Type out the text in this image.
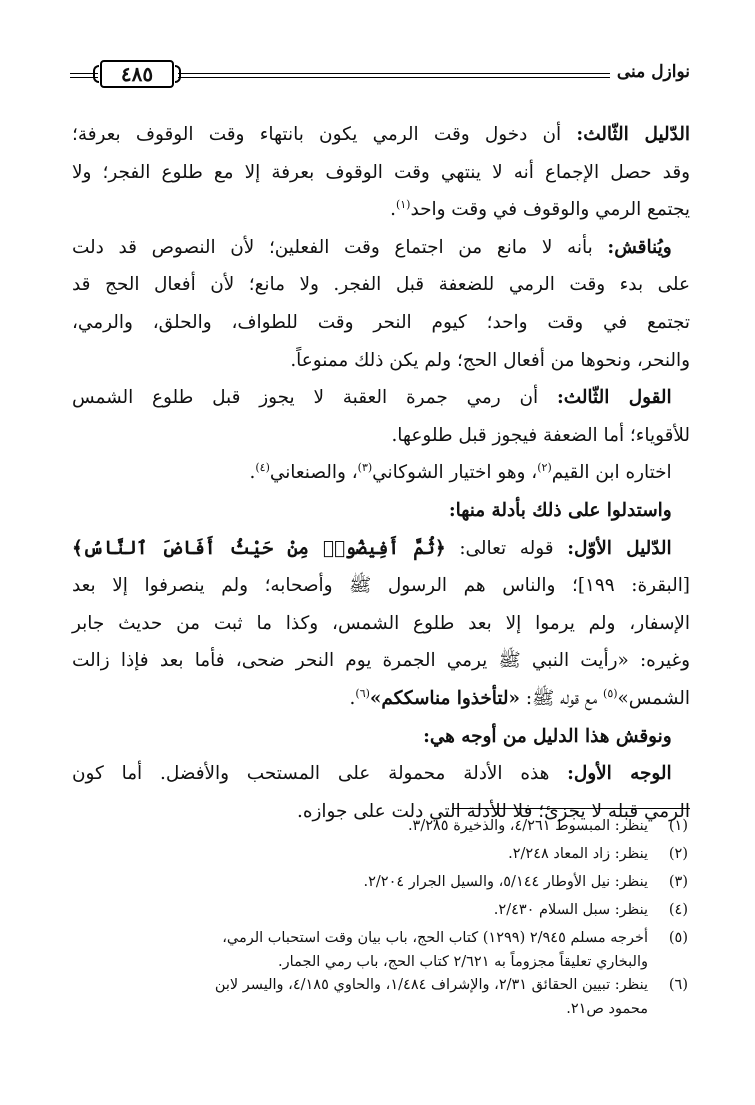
٤٨٥	نوازل منى
الدّليل الثّالث: أن دخول وقت الرمي يكون بانتهاء وقت الوقوف بعرفة؛
وقد حصل الإجماع أنه لا ينتهي وقت الوقوف بعرفة إلا مع طلوع الفجر؛ ولا
يجتمع الرمي والوقوف في وقت واحد$^{(١)}$.
 ويُناقش: بأنه لا مانع من اجتماع وقت الفعلين؛ لأن النصوص قد دلت
على بدء وقت الرمي للضعفة قبل الفجر. ولا مانع؛ لأن أفعال الحج قد
تجتمع في وقت واحد؛ كيوم النحر وقت للطواف، والحلق، والرمي،
والنحر، ونحوها من أفعال الحج؛ ولم يكن ذلك ممنوعاً.
 القول الثّالث: أن رمي جمرة العقبة لا يجوز قبل طلوع الشمس
للأقوياء؛ أما الضعفة فيجوز قبل طلوعها.
 اختاره ابن القيم$^{(٢)}$، وهو اختيار الشوكاني$^{(٣)}$، والصنعاني$^{(٤)}$.
 واستدلوا على ذلك بأدلة منها:
 الدّليل الأوّل: قوله تعالى: ﴿ثُمَّ أَفِيضُوا۟ مِنْ حَيْثُ أَفَاضَ ٱلنَّاسُ﴾
[البقرة: ١٩٩]؛ والناس هم الرسول ﷺ وأصحابه؛ ولم ينصرفوا إلا بعد
الإسفار، ولم يرموا إلا بعد طلوع الشمس، وكذا ما ثبت من حديث جابر
وغيره: «رأيت النبي ﷺ يرمي الجمرة يوم النحر ضحى، فأما بعد فإذا زالت
الشمس»$^{(٥)}$ مع قوله ﷺ: «لتأخذوا مناسككم»$^{(٦)}$.
 ونوقش هذا الدليل من أوجه هي:
 الوجه الأول: هذه الأدلة محمولة على المستحب والأفضل. أما كون
الرمي قبله لا يجزئ؛ فلا للأدلة التي دلت على جوازه.
(١)
ينظر: المبسوط ٤/٢٦١، والذخيرة ٣/٢٨٥.
(٢)
ينظر: زاد المعاد ٢/٢٤٨.
(٣)
ينظر: نيل الأوطار ٥/١٤٤، والسيل الجرار ٢/٢٠٤.
(٤)
ينظر: سبل السلام ٢/٤٣٠.
(٥)
أخرجه مسلم ٢/٩٤٥ (١٢٩٩) كتاب الحج، باب بيان وقت استحباب الرمي،
والبخاري تعليقاً مجزوماً به ٢/٦٢١ كتاب الحج، باب رمي الجمار.
(٦)
ينظر: تبيين الحقائق ٢/٣١، والإشراف ١/٤٨٤، والحاوي ٤/١٨٥، واليسر لابن
محمود ص٢١.
